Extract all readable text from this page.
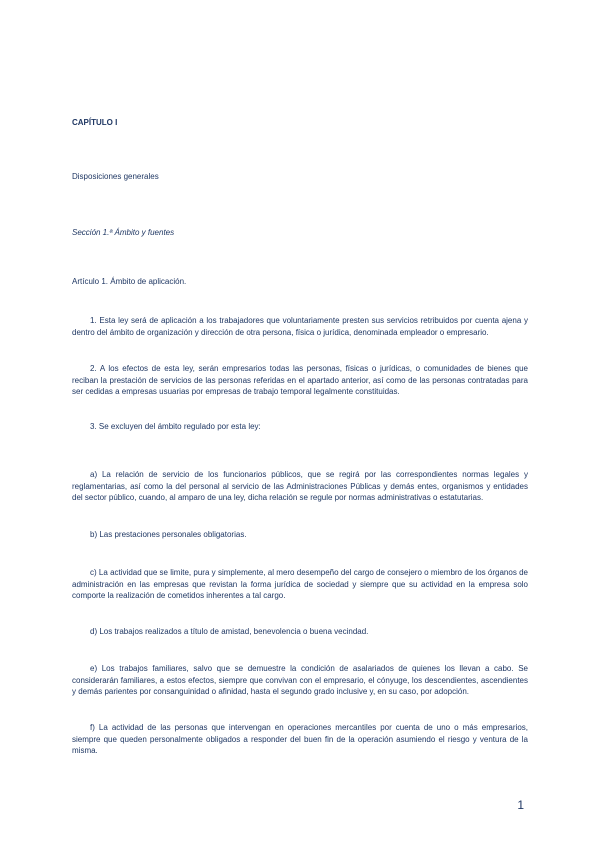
CAPÍTULO I

Disposiciones generales

Sección 1.ª Ámbito y fuentes

Artículo 1. Ámbito de aplicación.

1. Esta ley será de aplicación a los trabajadores que voluntariamente presten sus servicios retribuidos por cuenta ajena y dentro del ámbito de organización y dirección de otra persona, física o jurídica, denominada empleador o empresario.

2. A los efectos de esta ley, serán empresarios todas las personas, físicas o jurídicas, o comunidades de bienes que reciban la prestación de servicios de las personas referidas en el apartado anterior, así como de las personas contratadas para ser cedidas a empresas usuarias por empresas de trabajo temporal legalmente constituidas.

3. Se excluyen del ámbito regulado por esta ley:

a) La relación de servicio de los funcionarios públicos, que se regirá por las correspondientes normas legales y reglamentarias, así como la del personal al servicio de las Administraciones Públicas y demás entes, organismos y entidades del sector público, cuando, al amparo de una ley, dicha relación se regule por normas administrativas o estatutarias.

b) Las prestaciones personales obligatorias.

c) La actividad que se limite, pura y simplemente, al mero desempeño del cargo de consejero o miembro de los órganos de administración en las empresas que revistan la forma jurídica de sociedad y siempre que su actividad en la empresa solo comporte la realización de cometidos inherentes a tal cargo.

d) Los trabajos realizados a título de amistad, benevolencia o buena vecindad.

e) Los trabajos familiares, salvo que se demuestre la condición de asalariados de quienes los llevan a cabo. Se considerarán familiares, a estos efectos, siempre que convivan con el empresario, el cónyuge, los descendientes, ascendientes y demás parientes por consanguinidad o afinidad, hasta el segundo grado inclusive y, en su caso, por adopción.

f) La actividad de las personas que intervengan en operaciones mercantiles por cuenta de uno o más empresarios, siempre que queden personalmente obligados a responder del buen fin de la operación asumiendo el riesgo y ventura de la misma.

1
